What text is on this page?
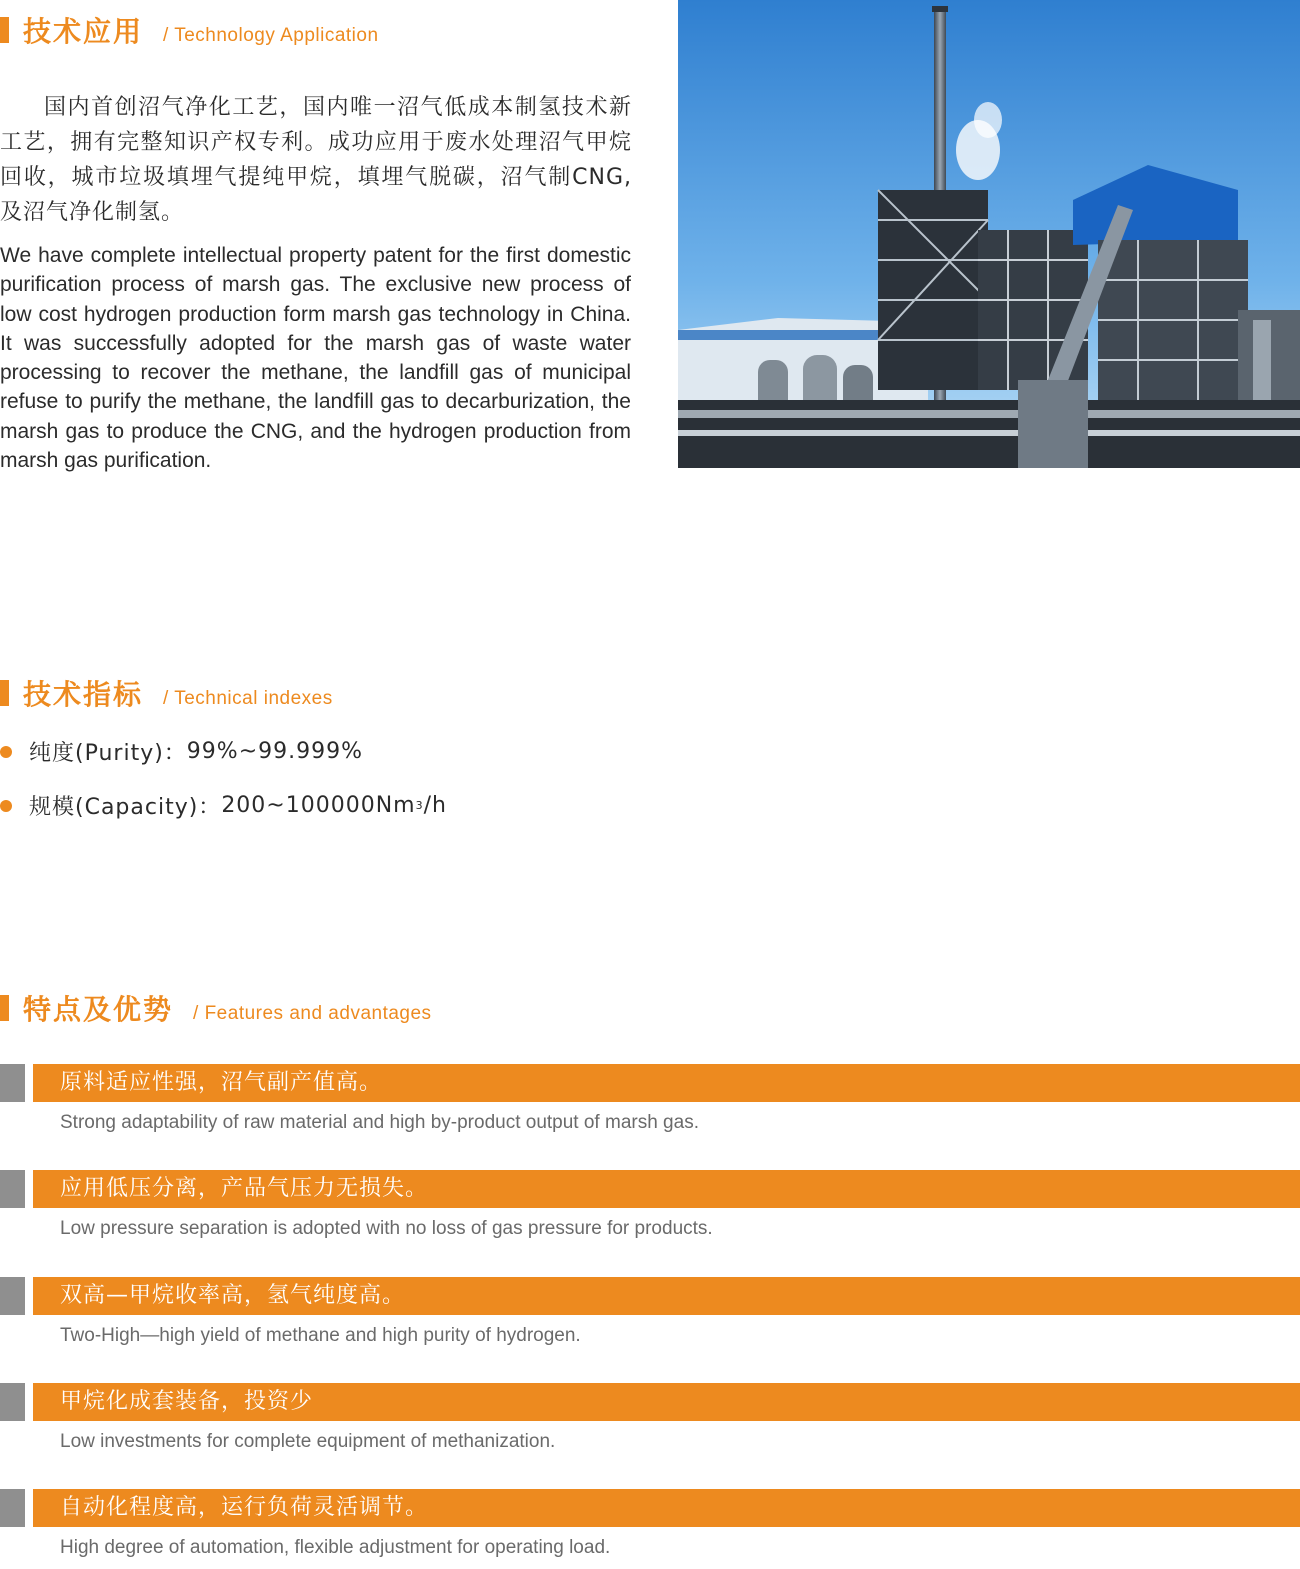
技术应用 / Technology Application

国内首创沼气净化工艺，国内唯一沼气低成本制氢技术新工艺，拥有完整知识产权专利。成功应用于废水处理沼气甲烷回收，城市垃圾填埋气提纯甲烷，填埋气脱碳，沼气制CNG,及沼气净化制氢。

We have complete intellectual property patent for the first domestic purification process of marsh gas. The exclusive new process of low cost hydrogen production form marsh gas technology in China. It was successfully adopted for the marsh gas of waste water processing to recover the methane, the landfill gas of municipal refuse to purify the methane, the landfill gas to decarburization, the marsh gas to produce the CNG, and the hydrogen production from marsh gas purification.

技术指标 / Technical indexes
纯度(Purity)： 99%~99.999%
规模(Capacity)： 200~100000Nm 3 /h
特点及优势 / Features and advantages
原料适应性强，沼气副产值高。
Strong adaptability of raw material and high by-product output of marsh gas.
应用低压分离，产品气压力无损失。
Low pressure separation is adopted with no loss of gas pressure for products.
双高—甲烷收率高，氢气纯度高。
Two-High—high yield of methane and high purity of hydrogen.
甲烷化成套装备，投资少
Low investments for complete equipment of methanization.
自动化程度高，运行负荷灵活调节。
High degree of automation, flexible adjustment for operating load.
